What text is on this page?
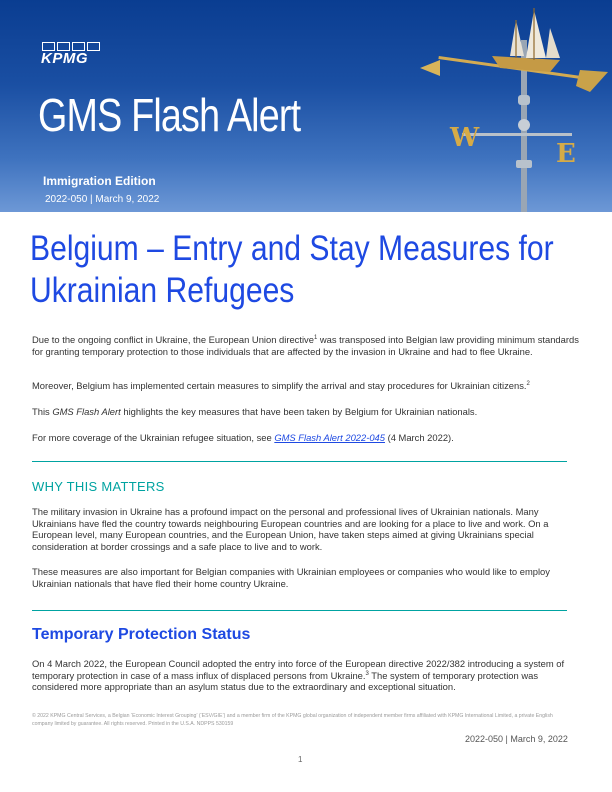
KPMG
GMS Flash Alert
Immigration Edition
2022-050 | March 9, 2022
W
E
Belgium – Entry and Stay Measures for Ukrainian Refugees
Due to the ongoing conflict in Ukraine, the European Union directive$^1$ was transposed into Belgian law providing minimum standards for granting temporary protection to those individuals that are affected by the invasion in Ukraine and had to flee Ukraine.
Moreover, Belgium has implemented certain measures to simplify the arrival and stay procedures for Ukrainian citizens.$^2$
This GMS Flash Alert highlights the key measures that have been taken by Belgium for Ukrainian nationals.
For more coverage of the Ukrainian refugee situation, see GMS Flash Alert 2022-045 (4 March 2022).
WHY THIS MATTERS
The military invasion in Ukraine has a profound impact on the personal and professional lives of Ukrainian nationals. Many Ukrainians have fled the country towards neighbouring European countries and are looking for a place to live and work. On a European level, many European countries, and the European Union, have taken steps aimed at giving Ukrainians special consideration at border crossings and a safe place to live and to work.
These measures are also important for Belgian companies with Ukrainian employees or companies who would like to employ Ukrainian nationals that have fled their home country Ukraine.
Temporary Protection Status
On 4 March 2022, the European Council adopted the entry into force of the European directive 2022/382 introducing a system of temporary protection in case of a mass influx of displaced persons from Ukraine.$^3$ The system of temporary protection was considered more appropriate than an asylum status due to the extraordinary and exceptional situation.
© 2022 KPMG Central Services, a Belgian ‘Economic Interest Grouping’ (‘ESV/GIE’) and a member firm of the KPMG global organization of independent member firms affiliated with KPMG International Limited, a private English company limited by guarantee. All rights reserved. Printed in the U.S.A. NDPPS 530159
2022-050 | March 9, 2022
1
